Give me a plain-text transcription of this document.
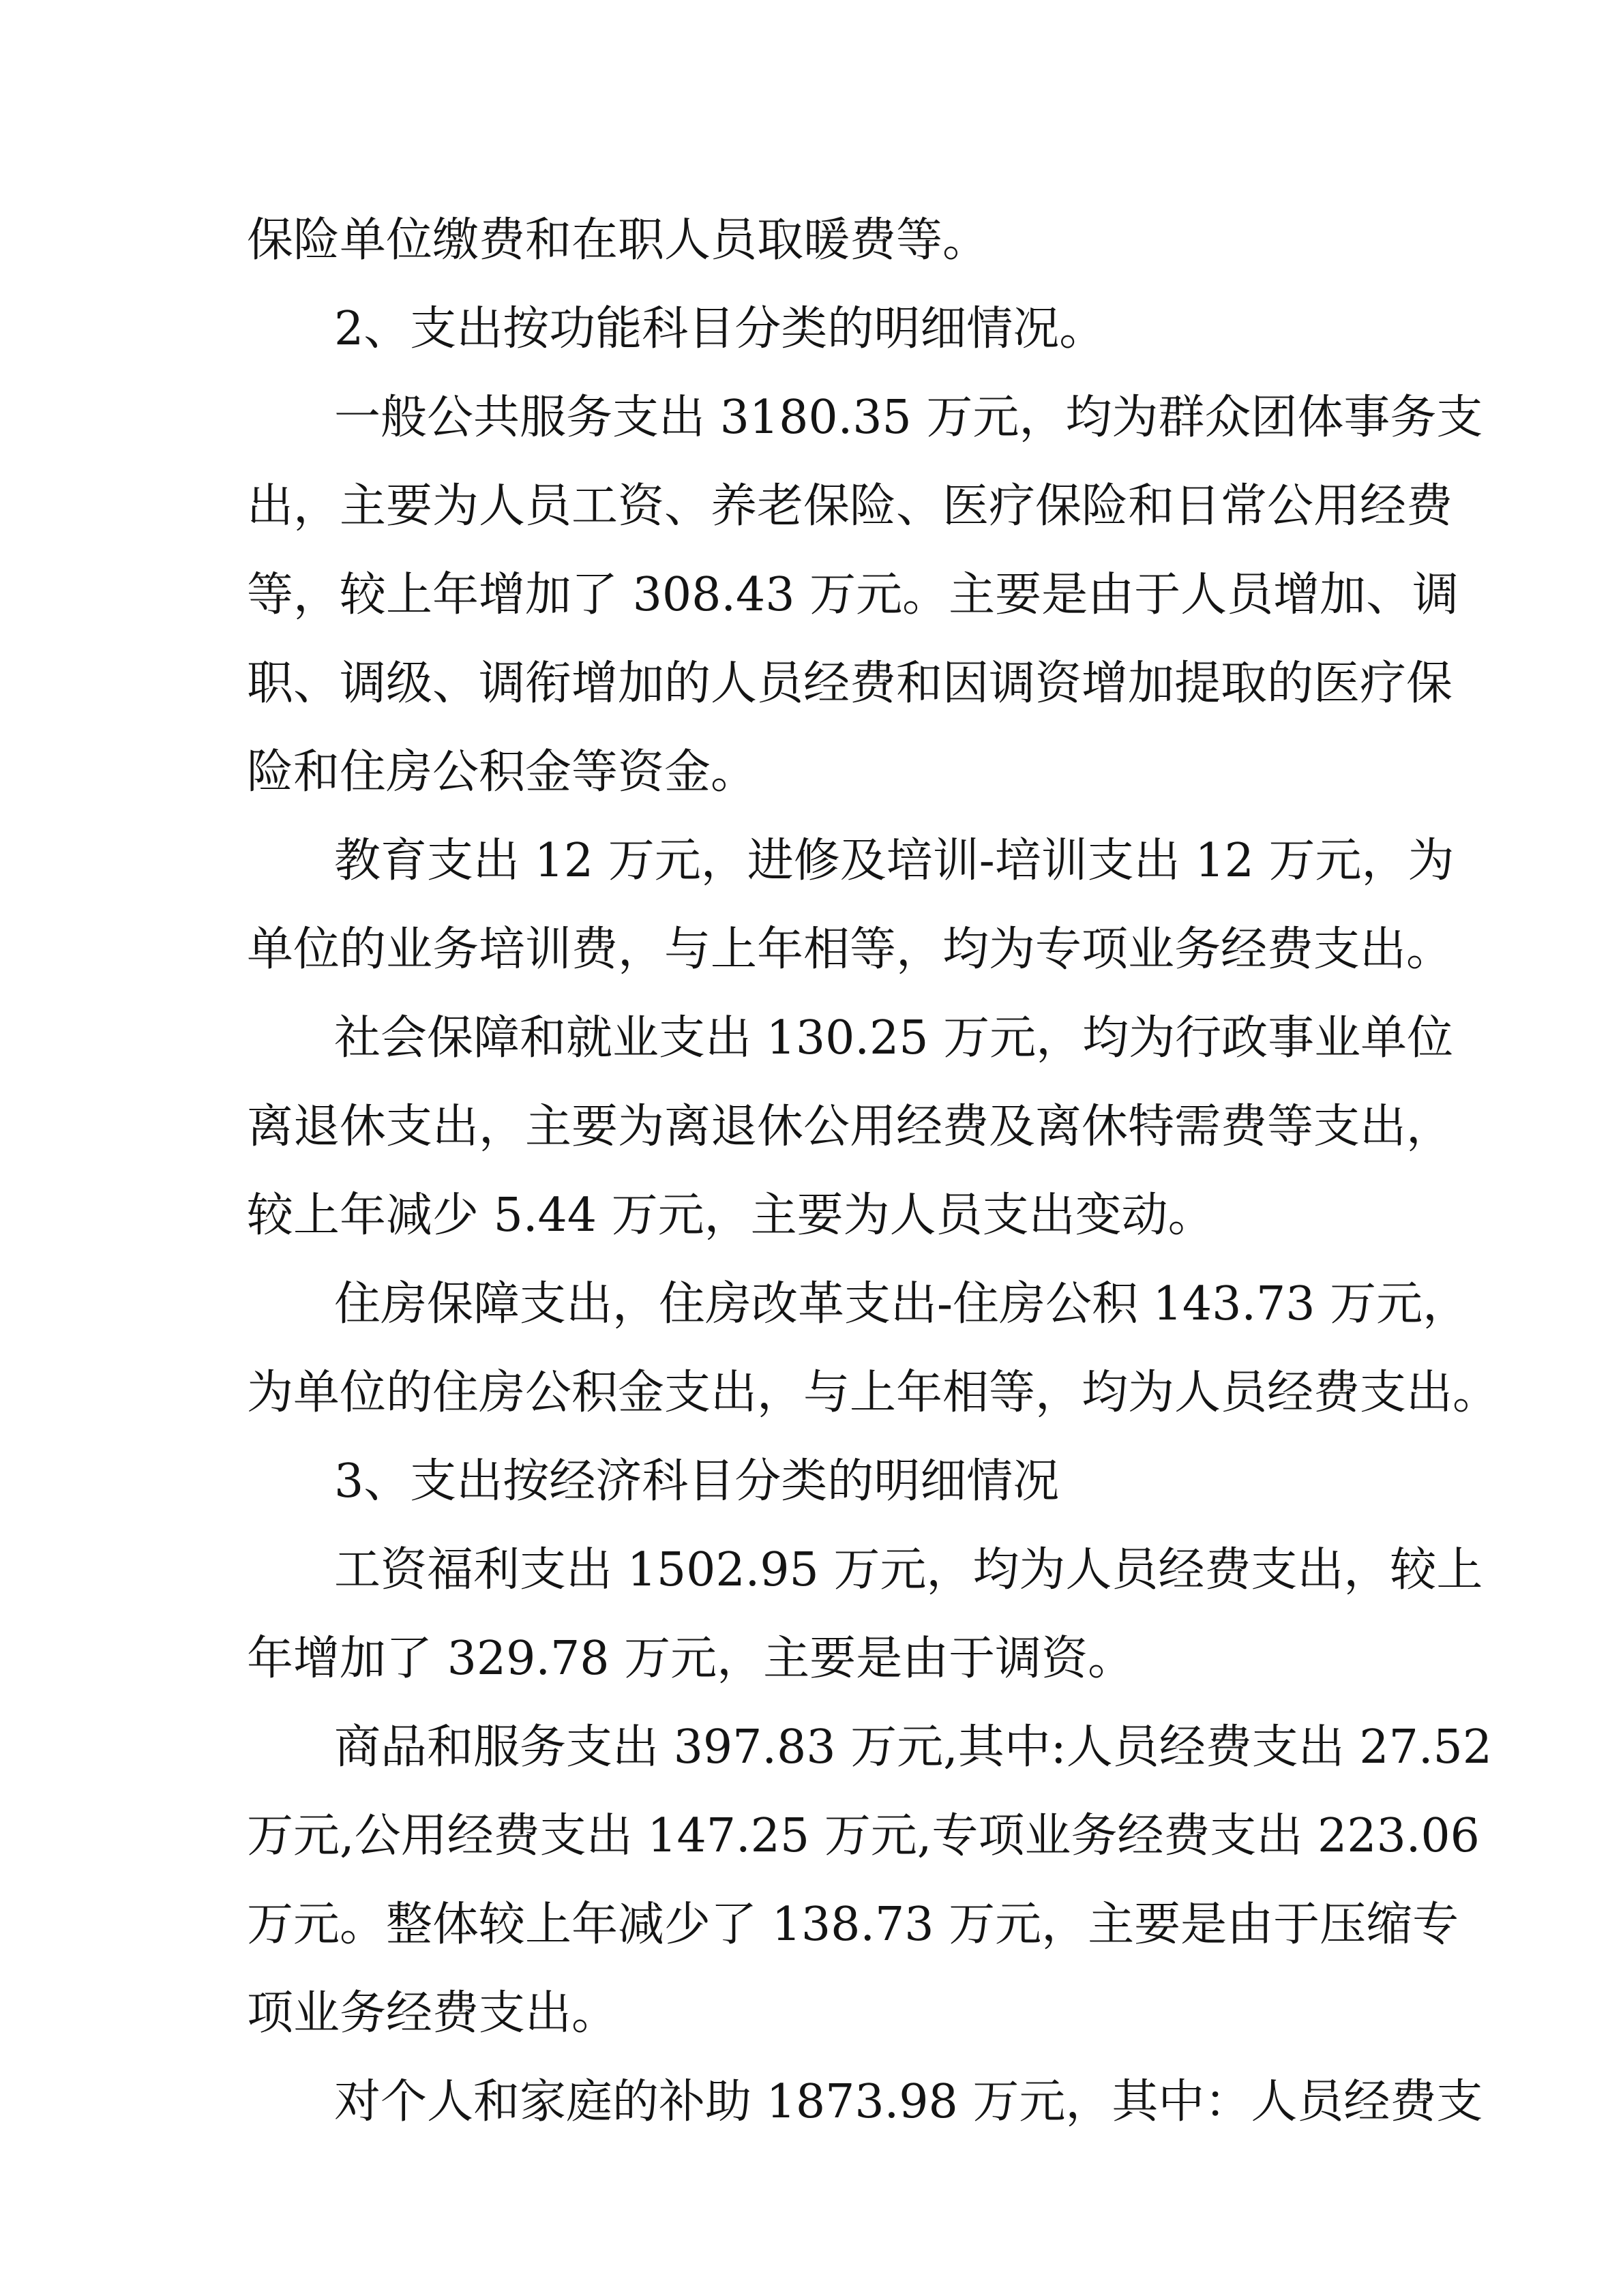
保险单位缴费和在职人员取暖费等。

2、支出按功能科目分类的明细情况。

一般公共服务支出 3180.35 万元，均为群众团体事务支

出，主要为人员工资、养老保险、医疗保险和日常公用经费

等，较上年增加了 308.43 万元。主要是由于人员增加、调

职、调级、调衔增加的人员经费和因调资增加提取的医疗保

险和住房公积金等资金。

教育支出 12 万元，进修及培训-培训支出 12 万元，为

单位的业务培训费，与上年相等，均为专项业务经费支出。

社会保障和就业支出 130.25 万元，均为行政事业单位

离退休支出，主要为离退休公用经费及离休特需费等支出，

较上年减少 5.44 万元，主要为人员支出变动。

住房保障支出，住房改革支出-住房公积 143.73 万元，

为单位的住房公积金支出，与上年相等，均为人员经费支出。

3、支出按经济科目分类的明细情况

工资福利支出 1502.95 万元，均为人员经费支出，较上

年增加了 329.78 万元，主要是由于调资。

商品和服务支出 397.83 万元,其中:人员经费支出 27.52

万元,公用经费支出 147.25 万元,专项业务经费支出 223.06

万元。整体较上年减少了 138.73 万元，主要是由于压缩专

项业务经费支出。

对个人和家庭的补助 1873.98 万元，其中：人员经费支
